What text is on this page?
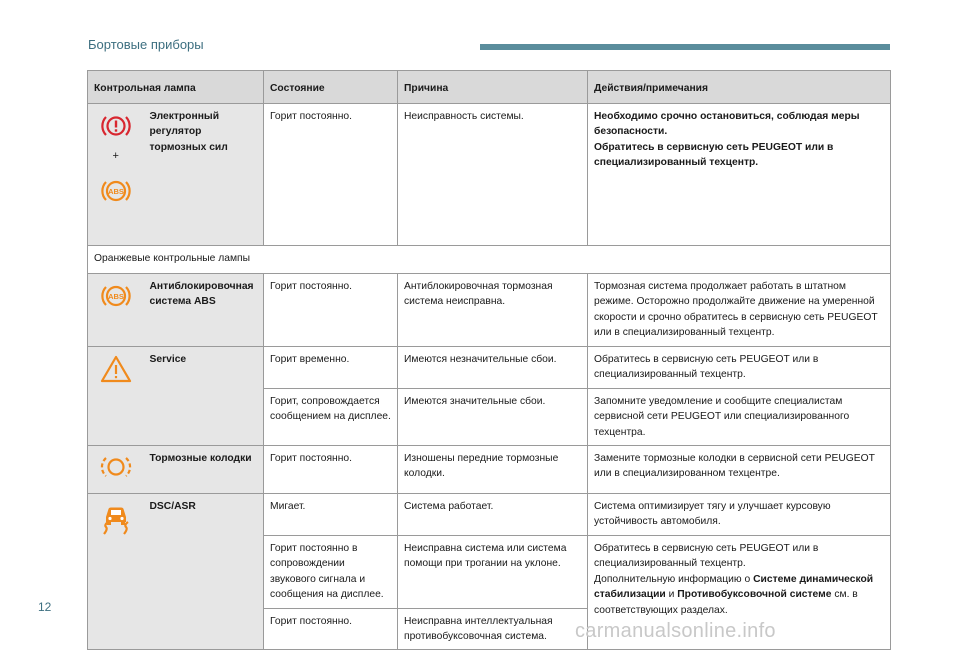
Бортовые приборы
Контрольная лампа		Состояние	Причина	Действия/примечания

+
ABS	Электронный регулятор тормозных сил	Горит постоянно.	Неисправность системы.	Необходимо срочно остановиться, соблюдая меры безопасности.
Обратитесь в сервисную сеть PEUGEOT или в специализированный техцентр.
Оранжевые контрольные лампы				

ABS	Антиблокировочная система ABS	Горит постоянно.	Антиблокировочная тормозная система неисправна.	Тормозная система продолжает работать в штатном режиме. Осторожно продолжайте движение на умеренной скорости и срочно обратитесь в сервисную сеть PEUGEOT или в специализированный техцентр.

	Service	Горит временно.	Имеются незначительные сбои.	Обратитесь в сервисную сеть PEUGEOT или в специализированный техцентр.
		Горит, сопровождается сообщением на дисплее.	Имеются значительные сбои.	Запомните уведомление и сообщите специалистам сервисной сети PEUGEOT или специализированного техцентра.

	Тормозные колодки	Горит постоянно.	Изношены передние тормозные колодки.	Замените тормозные колодки в сервисной сети PEUGEOT или в специализированном техцентре.

	DSC/ASR	Мигает.	Система работает.	Система оптимизирует тягу и улучшает курсовую устойчивость автомобиля.
		Горит постоянно в сопровождении звукового сигнала и сообщения на дисплее.	Неисправна система или система помощи при трогании на уклоне.	Обратитесь в сервисную сеть PEUGEOT или в специализированный техцентр.
Дополнительную информацию о Системе динамической стабилизации и Противобуксовочной системе см. в соответствующих разделах.
		Горит постоянно.	Неисправна интеллектуальная противобуксовочная система.	
12
carmanualsonline.info
